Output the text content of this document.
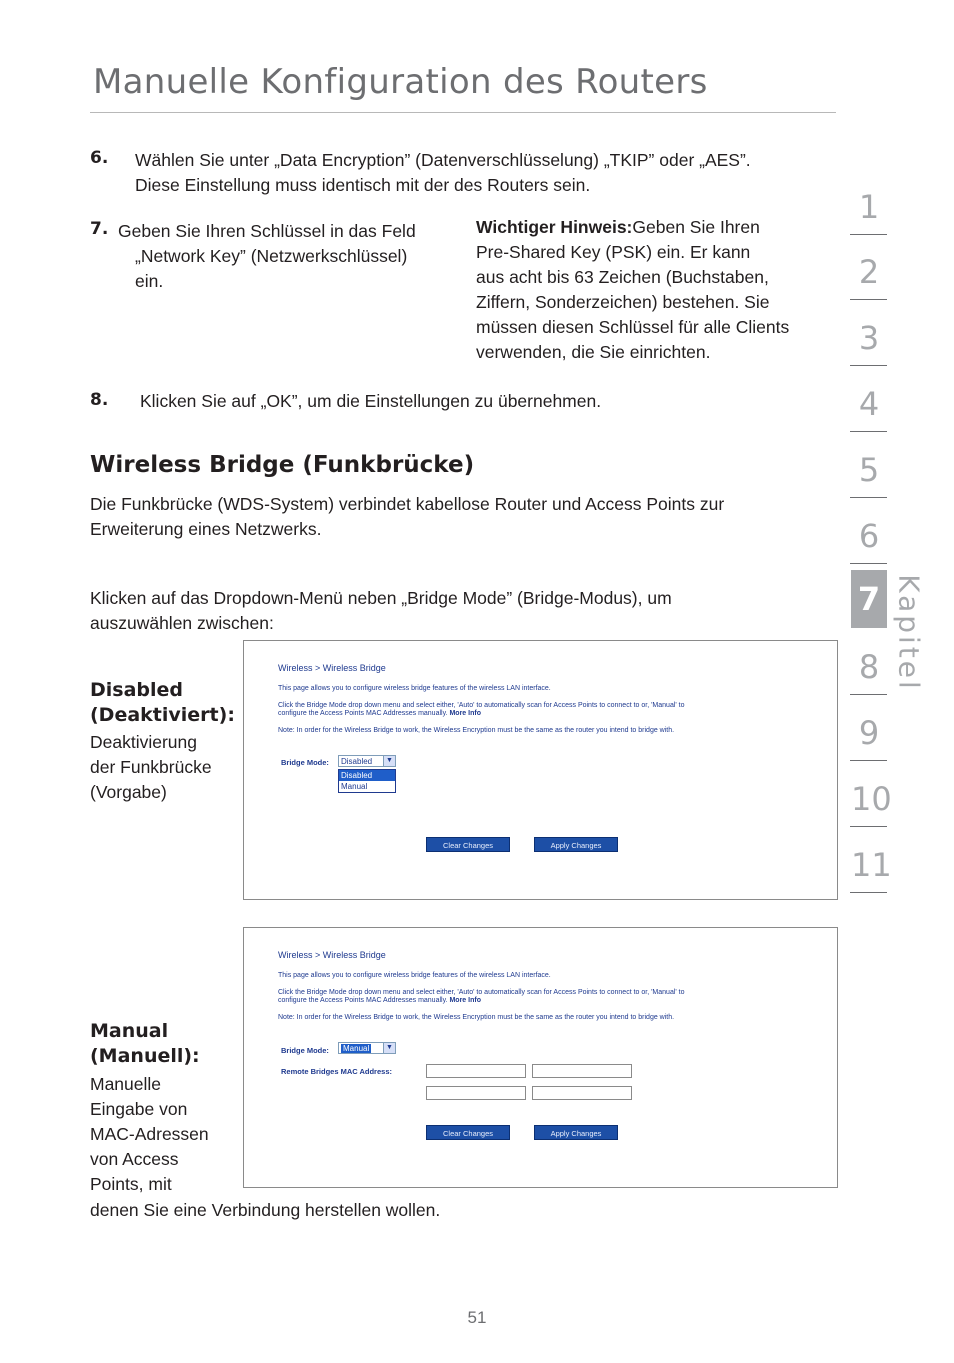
Manuelle Konfiguration des Routers
6. Wählen Sie unter „Data Encryption” (Datenverschlüsselung) „TKIP” oder „AES”.
Diese Einstellung muss identisch mit der des Routers sein.
7. Geben Sie Ihren Schlüssel in das Feld
„Network Key” (Netzwerkschlüssel)
ein.
Wichtiger Hinweis:Geben Sie Ihren
Pre-Shared Key (PSK) ein. Er kann
aus acht bis 63 Zeichen (Buchstaben,
Ziffern, Sonderzeichen) bestehen. Sie
müssen diesen Schlüssel für alle Clients
verwenden, die Sie einrichten.
8. Klicken Sie auf „OK”, um die Einstellungen zu übernehmen.
Wireless Bridge (Funkbrücke)
Die Funkbrücke (WDS-System) verbindet kabellose Router und Access Points zur
Erweiterung eines Netzwerks.
Klicken auf das Dropdown-Menü neben „Bridge Mode” (Bridge-Modus), um
auszuwählen zwischen:
Disabled
(Deaktiviert):
Deaktivierung
der Funkbrücke
(Vorgabe)
Wireless > Wireless Bridge
This page allows you to configure wireless bridge features of the wireless LAN interface.
Click the Bridge Mode drop down menu and select either, 'Auto' to automatically scan for Access Points to connect to or, 'Manual' to
configure the Access Points MAC Addresses manually. More Info
Note: In order for the Wireless Bridge to work, the Wireless Encryption must be the same as the router you intend to bridge with.
Bridge Mode:	Disabled	▼
Disabled
Manual
Clear Changes	Apply Changes
Wireless > Wireless Bridge
This page allows you to configure wireless bridge features of the wireless LAN interface.
Click the Bridge Mode drop down menu and select either, 'Auto' to automatically scan for Access Points to connect to or, 'Manual' to
configure the Access Points MAC Addresses manually. More Info
Note: In order for the Wireless Bridge to work, the Wireless Encryption must be the same as the router you intend to bridge with.
Bridge Mode:	Manual	▼
Remote Bridges MAC Address:
Clear Changes	Apply Changes
Manual
(Manuell):
Manuelle
Eingabe von
MAC-Adressen
von Access
Points, mit
denen Sie eine Verbindung herstellen wollen.
51
1
2
3
4
5
6
7
8
9
10
11
Kapitel
